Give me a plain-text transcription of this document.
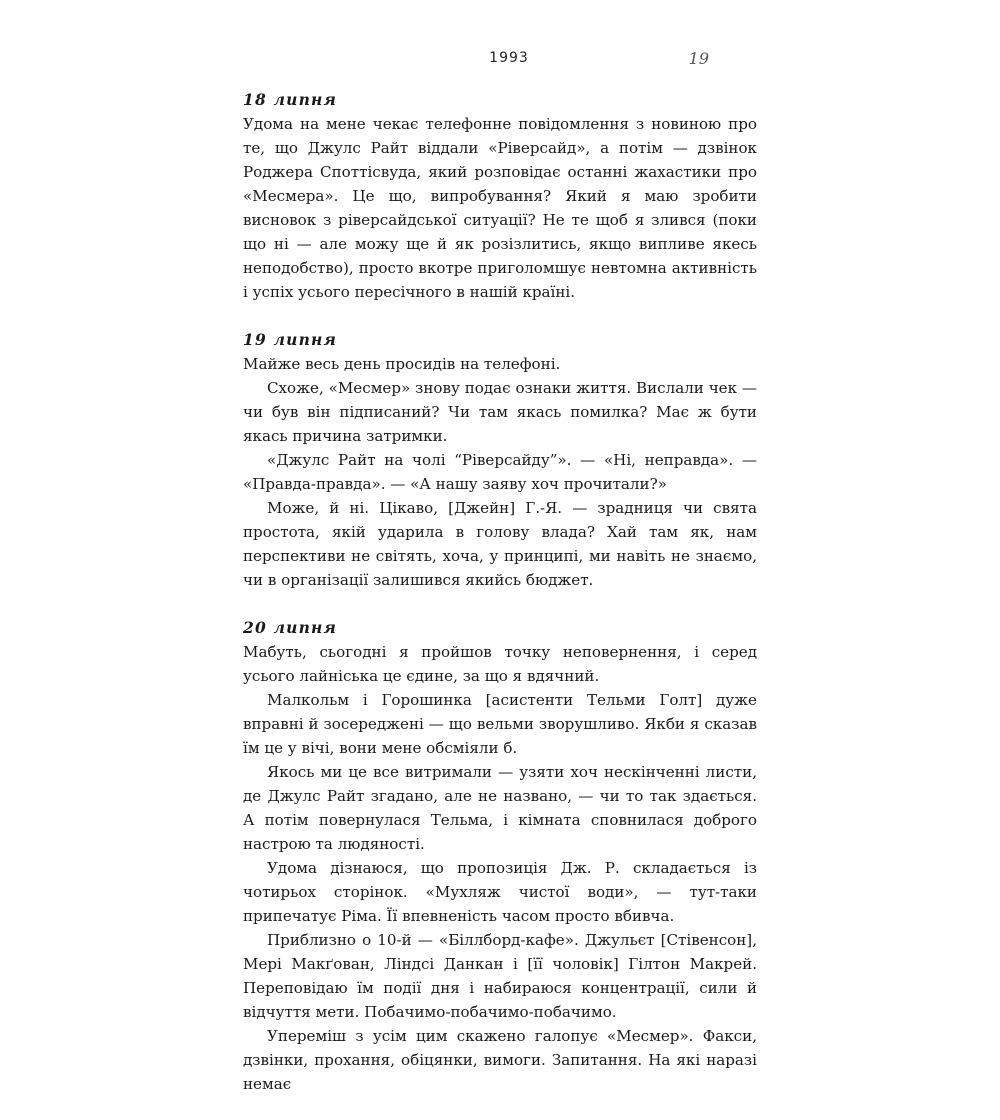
1993	19
18 липня

Удома на мене чекає телефонне повідомлення з новиною про те, що Джулс Райт віддали «Ріверсайд», а потім — дзвінок Роджера Споттісвуда, який розповідає останні жахастики про «Месмера». Це що, випробування? Який я маю зробити висновок з ріверсайдської ситуації? Не те щоб я зливcя (поки що ні — але можу ще й як розізлитись, якщо випливе якесь неподобство), просто вкотре приголомшує невтомна активність і успіх усього пересічного в нашій країні.

19 липня

Майже весь день просидів на телефоні.

Схоже, «Месмер» знову подає ознаки життя. Вислали чек — чи був він підписаний? Чи там якась помилка? Має ж бути якась причина затримки.

«Джулс Райт на чолі “Ріверсайду”». — «Ні, неправда». — «Правда-правда». — «А нашу заяву хоч прочитали?»

Може, й ні. Цікаво, [Джейн] Г.-Я. — зрадниця чи свята простота, якій ударила в голову влада? Хай там як, нам перспективи не світять, хоча, у принципі, ми навіть не знаємо, чи в організації залишився якийсь бюджет.

20 липня

Мабуть, сьогодні я пройшов точку неповернення, і серед усього лайнiська це єдине, за що я вдячний.

Малкольм і Горошинка [асистенти Тельми Голт] дуже вправні й зосереджені — що вельми зворушливо. Якби я сказав їм це у вічі, вони мене обсміяли б.

Якось ми це все витримали — узяти хоч нескінченні листи, де Джулс Райт згадано, але не названо, — чи то так здається. А потім повернулася Тельма, і кімната сповнилася доброго настрою та людяності.

Удома дізнаюся, що пропозиція Дж. Р. складається із чотирьох сторінок. «Мухляж чистої води», — тут-таки припечатує Ріма. Її впевненість часом просто вбивча.

Приблизно о 10-й — «Біллборд-кафе». Джульєт [Стівенсон], Мері Макґован, Ліндсі Данкан і [її чоловік] Гілтон Макрей. Переповідаю їм події дня і набираюся концентрації, сили й відчуття мети. Побачимо-побачимо-побачимо.

Упереміш з усім цим скажено галопує «Месмер». Факси, дзвінки, прохання, обіцянки, вимоги. Запитання. На які наразі немає
